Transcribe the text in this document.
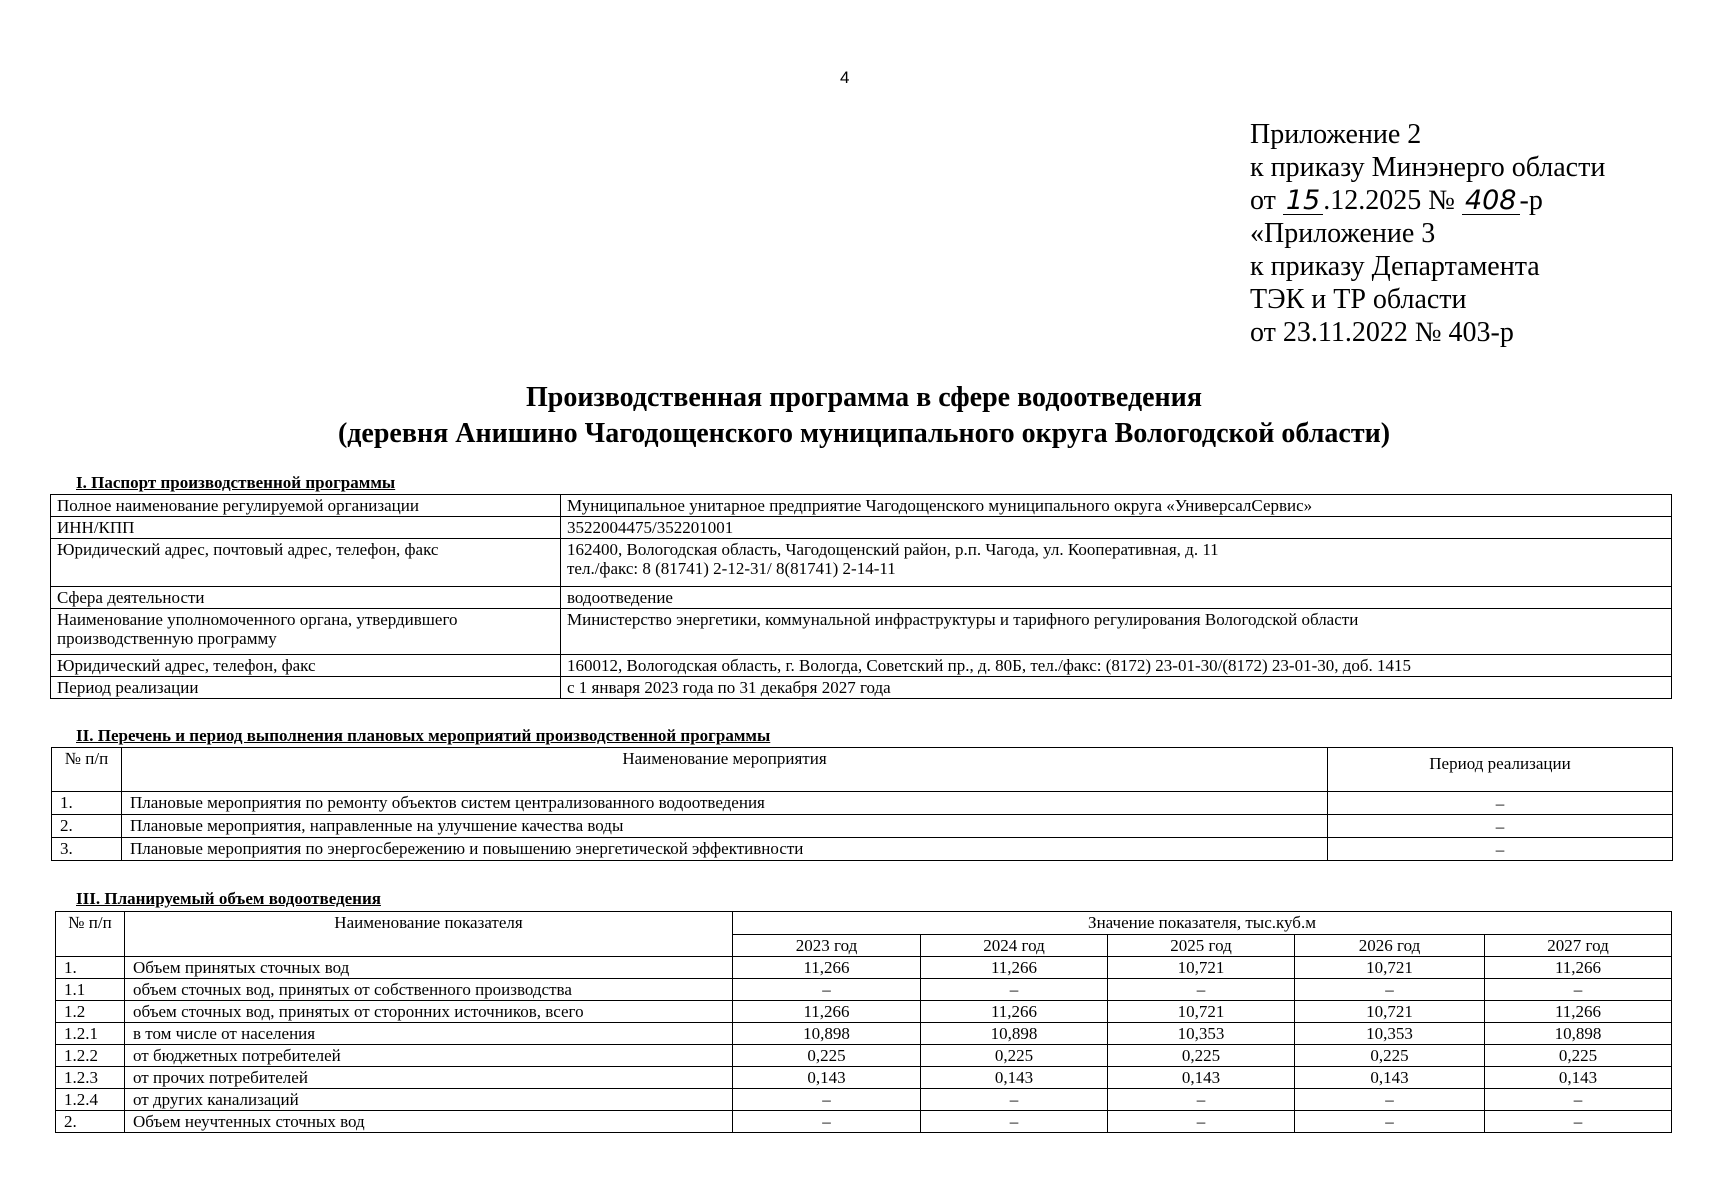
4
Приложение 2
к приказу Минэнерго области
от 15 .12.2025 № 408 -р
«Приложение 3
к приказу Департамента
ТЭК и ТР области
от 23.11.2022 № 403-р
Производственная программа в сфере водоотведения
(деревня Анишино Чагодощенского муниципального округа Вологодской области)
I. Паспорт производственной программы
Полное наименование регулируемой организации	Муниципальное унитарное предприятие Чагодощенского муниципального округа «УниверсалСервис»
ИНН/КПП	3522004475/352201001
Юридический адрес, почтовый адрес, телефон, факс	162400, Вологодская область, Чагодощенский район, р.п. Чагода, ул. Кооперативная, д. 11
тел./факс: 8 (81741) 2-12-31/ 8(81741) 2-14-11

Сфера деятельности	водоотведение
Наименование уполномоченного органа, утвердившего производственную программу	Министерство энергетики, коммунальной инфраструктуры и тарифного регулирования Вологодской области
Юридический адрес, телефон, факс	160012, Вологодская область, г. Вологда, Советский пр., д. 80Б, тел./факс: (8172) 23-01-30/(8172) 23-01-30, доб. 1415
Период реализации	с 1 января 2023 года по 31 декабря 2027 года
II. Перечень и период выполнения плановых мероприятий производственной программы
№ п/п	Наименование мероприятия	Период реализации
1.	Плановые мероприятия по ремонту объектов систем централизованного водоотведения	–
2.	Плановые мероприятия, направленные на улучшение качества воды	–
3.	Плановые мероприятия по энергосбережению и повышению энергетической эффективности	–
III. Планируемый объем водоотведения
№ п/п	Наименование показателя	Значение показателя, тыс.куб.м				
		2023 год	2024 год	2025 год	2026 год	2027 год
1.	Объем принятых сточных вод	11,266	11,266	10,721	10,721	11,266
1.1	объем сточных вод, принятых от собственного производства	–	–	–	–	–
1.2	объем сточных вод, принятых от сторонних источников, всего	11,266	11,266	10,721	10,721	11,266
1.2.1	в том числе от населения	10,898	10,898	10,353	10,353	10,898
1.2.2	от бюджетных потребителей	0,225	0,225	0,225	0,225	0,225
1.2.3	от прочих потребителей	0,143	0,143	0,143	0,143	0,143
1.2.4	от других канализаций	–	–	–	–	–
2.	Объем неучтенных сточных вод	–	–	–	–	–
